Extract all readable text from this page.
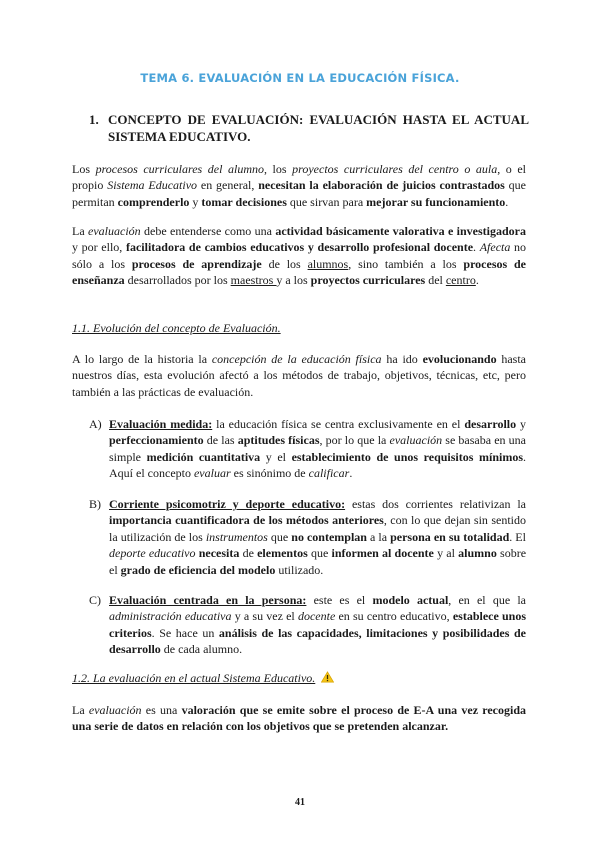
TEMA 6. EVALUACIÓN EN LA EDUCACIÓN FÍSICA.
1. CONCEPTO DE EVALUACIÓN: EVALUACIÓN HASTA EL ACTUAL SISTEMA EDUCATIVO.

Los procesos curriculares del alumno, los proyectos curriculares del centro o aula, o el propio Sistema Educativo en general, necesitan la elaboración de juicios contrastados que permitan comprenderlo y tomar decisiones que sirvan para mejorar su funcionamiento.

La evaluación debe entenderse como una actividad básicamente valorativa e investigadora y por ello, facilitadora de cambios educativos y desarrollo profesional docente. Afecta no sólo a los procesos de aprendizaje de los alumnos, sino también a los procesos de enseñanza desarrollados por los maestros y a los proyectos curriculares del centro.

1.1. Evolución del concepto de Evaluación.

A lo largo de la historia la concepción de la educación física ha ido evolucionando hasta nuestros días, esta evolución afectó a los métodos de trabajo, objetivos, técnicas, etc, pero también a las prácticas de evaluación.

A) Evaluación medida: la educación física se centra exclusivamente en el desarrollo y perfeccionamiento de las aptitudes físicas, por lo que la evaluación se basaba en una simple medición cuantitativa y el establecimiento de unos requisitos mínimos. Aquí el concepto evaluar es sinónimo de calificar.
B) Corriente psicomotriz y deporte educativo: estas dos corrientes relativizan la importancia cuantificadora de los métodos anteriores, con lo que dejan sin sentido la utilización de los instrumentos que no contemplan a la persona en su totalidad. El deporte educativo necesita de elementos que informen al docente y al alumno sobre el grado de eficiencia del modelo utilizado.
C) Evaluación centrada en la persona: este es el modelo actual, en el que la administración educativa y a su vez el docente en su centro educativo, establece unos criterios. Se hace un análisis de las capacidades, limitaciones y posibilidades de desarrollo de cada alumno.
1.2. La evaluación en el actual Sistema Educativo.

La evaluación es una valoración que se emite sobre el proceso de E-A una vez recogida una serie de datos en relación con los objetivos que se pretenden alcanzar.

41
